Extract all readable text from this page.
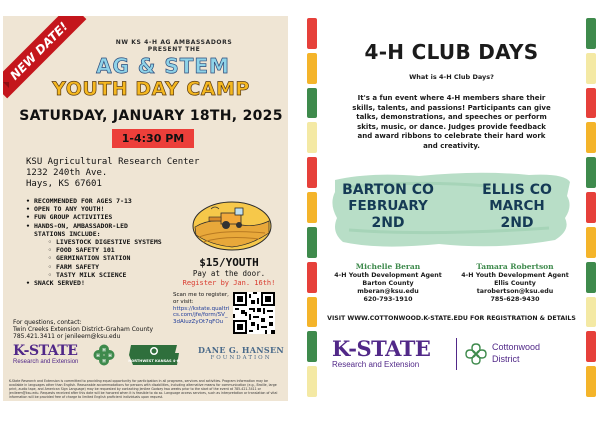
NEW DATE!	NW KS 4-H AG AMBASSADORS
PRESENT THE
AG & STEM
YOUTH DAY CAMP
SATURDAY, JANUARY 18TH, 2025
1-4:30 PM
KSU Agricultural Research Center
1232 240th Ave.
Hays, KS 67601
• RECOMMENDED FOR AGES 7-13
• OPEN TO ANY YOUTH!
• FUN GROUP ACTIVITIES
• HANDS-ON, AMBASSADOR-LED
STATIONS INCLUDE:
◦ LIVESTOCK DIGESTIVE SYSTEMS
◦ FOOD SAFETY 101
◦ GERMINATION STATION
◦ FARM SAFETY
◦ TASTY MILK SCIENCE
• SNACK SERVED!
$15/YOUTH
Pay at the door.
Register by Jan. 16th!
Scan me to register,
or visit:
https://kstate.qualtri
cs.com/jfe/form/SV_
3dAluzZyOt7qFOu
For questions, contact:
Twin Creeks Extension District-Graham County
785.421.3411 or jenileem@ksu.edu
K-STATE
Research and Extension
H
H
H
H
NORTHWEST KANSAS 4-H
DANE G. HANSEN
FOUNDATION
K-State Research and Extension is committed to providing equal opportunity for participation in all programs, services and activities. Program information may be available in languages other than English. Reasonable accommodations for persons with disabilities, including alternative means for communication (e.g., Braille, large print, audio tape, and American Sign Language) may be requested by contacting Jenilee Godsey two weeks prior to the start of the event at 785-421-3411 or jenileem@ksu.edu. Requests received after this date will be honored when it is feasible to do so. Language access services, such as interpretation or translation of vital information will be provided free of charge to limited English proficient individuals upon request.
4-H CLUB DAYS
What is 4-H Club Days?
It's a fun event where 4-H members share their skills, talents, and passions! Participants can give talks, demonstrations, and speeches or perform skits, music, or dance. Judges provide feedback and award ribbons to celebrate their hard work and creativity.
BARTON CO
FEBRUARY
2ND
ELLIS CO
MARCH
2ND
Michelle Beran
4-H Youth Development Agent
Barton County
mberan@ksu.edu
620-793-1910
Tamara Robertson
4-H Youth Development Agent
Ellis County
tarobertson@ksu.edu
785-628-9430
VISIT WWW.COTTONWOOD.K-STATE.EDU FOR REGISTRATION & DETAILS
K-STATE
Research and Extension
Cottonwood
District
